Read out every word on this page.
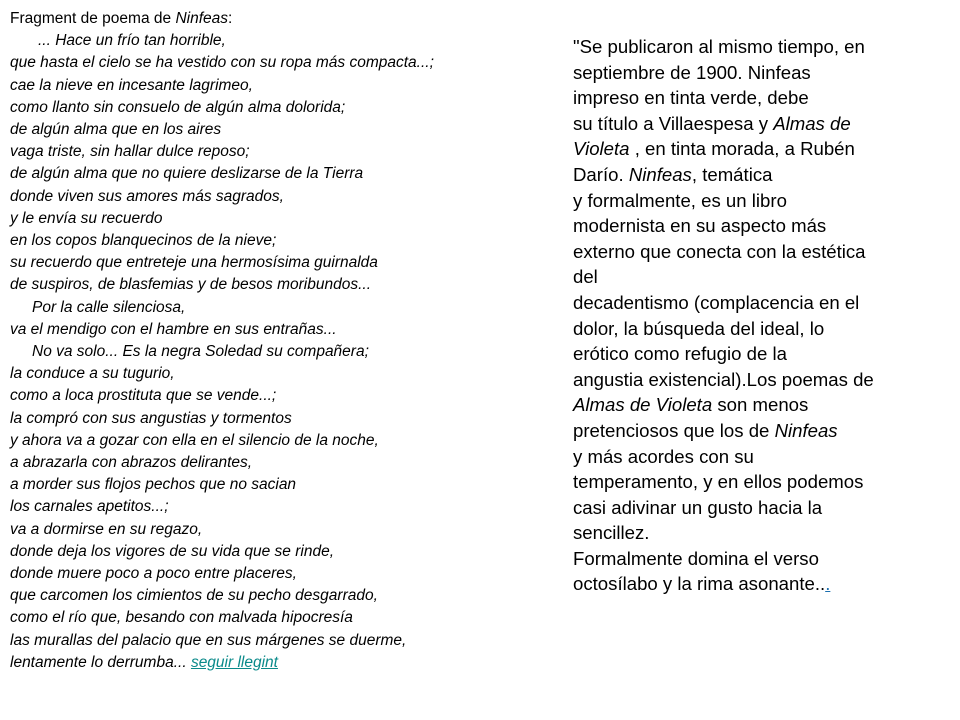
Fragment de poema de Ninfeas:
... Hace un frío tan horrible,
que hasta el cielo se ha vestido con su ropa más compacta...;
cae la nieve en incesante lagrimeo,
como llanto sin consuelo de algún alma dolorida;
de algún alma que en los aires
vaga triste, sin hallar dulce reposo;
de algún alma que no quiere deslizarse de la Tierra
donde viven sus amores más sagrados,
y le envía su recuerdo
en los copos blanquecinos de la nieve;
su recuerdo que entreteje una hermosísima guirnalda
de suspiros, de blasfemias y de besos moribundos...
Por la calle silenciosa,
va el mendigo con el hambre en sus entrañas...
No va solo... Es la negra Soledad su compañera;
la conduce a su tugurio,
como a loca prostituta que se vende...;
la compró con sus angustias y tormentos
y ahora va a gozar con ella en el silencio de la noche,
a abrazarla con abrazos delirantes,
a morder sus flojos pechos que no sacian
los carnales apetitos...;
va a dormirse en su regazo,
donde deja los vigores de su vida que se rinde,
donde muere poco a poco entre placeres,
que carcomen los cimientos de su pecho desgarrado,
como el río que, besando con malvada hipocresía
las murallas del palacio que en sus márgenes se duerme,
lentamente lo derrumba... seguir llegint
"Se publicaron al mismo tiempo, en
septiembre de 1900. Ninfeas
impreso en tinta verde, debe
su título a Villaespesa y Almas de
Violeta , en tinta morada, a Rubén
Darío. Ninfeas, temática
y formalmente, es un libro
modernista en su aspecto más
externo que conecta con la estética
del
decadentismo (complacencia en el
dolor, la búsqueda del ideal, lo
erótico como refugio de la
angustia existencial).Los poemas de
Almas de Violeta son menos
pretenciosos que los de Ninfeas
y más acordes con su
temperamento, y en ellos podemos
casi adivinar un gusto hacia la
sencillez.
Formalmente domina el verso
octosílabo y la rima asonante...
